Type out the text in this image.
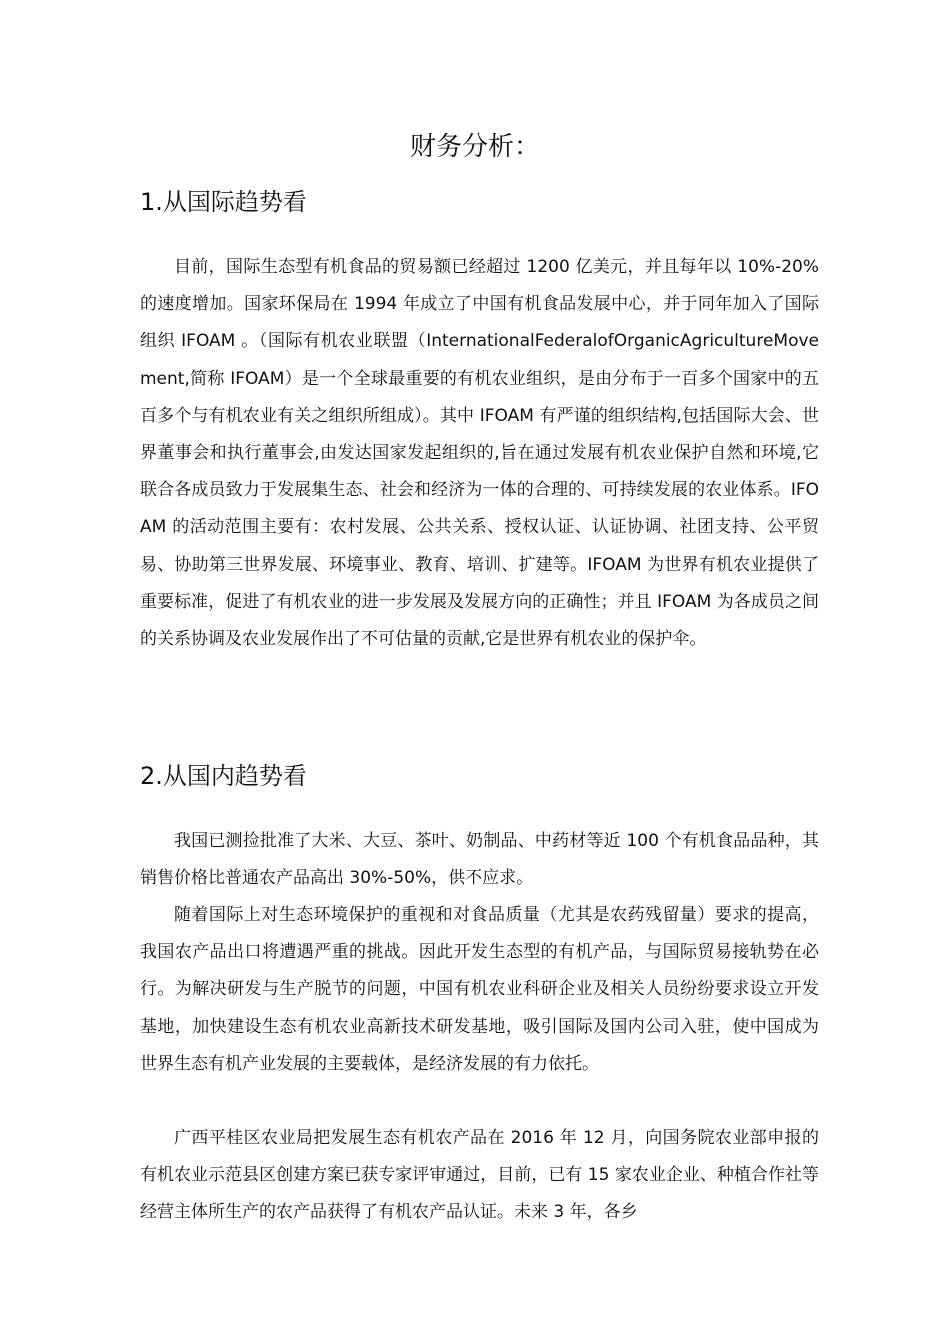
财务分析：
1.从国际趋势看

目前，国际生态型有机食品的贸易额已经超过 1200 亿美元，并且每年以 10%-20%的速度增加。国家环保局在 1994 年成立了中国有机食品发展中心，并于同年加入了国际组织 IFOAM 。（国际有机农业联盟（InternationalFederalofOrganicAgricultureMovement,简称 IFOAM）是一个全球最重要的有机农业组织，是由分布于一百多个国家中的五百多个与有机农业有关之组织所组成）。其中 IFOAM 有严谨的组织结构,包括国际大会、世界董事会和执行董事会,由发达国家发起组织的,旨在通过发展有机农业保护自然和环境,它联合各成员致力于发展集生态、社会和经济为一体的合理的、可持续发展的农业体系。IFOAM 的活动范围主要有：农村发展、公共关系、授权认证、认证协调、社团支持、公平贸易、协助第三世界发展、环境事业、教育、培训、扩建等。IFOAM 为世界有机农业提供了重要标准，促进了有机农业的进一步发展及发展方向的正确性；并且 IFOAM 为各成员之间的关系协调及农业发展作出了不可估量的贡献,它是世界有机农业的保护伞。

2.从国内趋势看

我国已测捡批准了大米、大豆、茶叶、奶制品、中药材等近 100 个有机食品品种，其销售价格比普通农产品高出 30%-50%，供不应求。

随着国际上对生态环境保护的重视和对食品质量（尤其是农药残留量）要求的提高，我国农产品出口将遭遇严重的挑战。因此开发生态型的有机产品，与国际贸易接轨势在必行。为解决研发与生产脱节的问题，中国有机农业科研企业及相关人员纷纷要求设立开发基地，加快建设生态有机农业高新技术研发基地，吸引国际及国内公司入驻，使中国成为世界生态有机产业发展的主要载体，是经济发展的有力依托。

广西平桂区农业局把发展生态有机农产品在 2016 年 12 月，向国务院农业部申报的有机农业示范县区创建方案已获专家评审通过，目前，已有 15 家农业企业、种植合作社等经营主体所生产的农产品获得了有机农产品认证。未来 3 年，各乡
